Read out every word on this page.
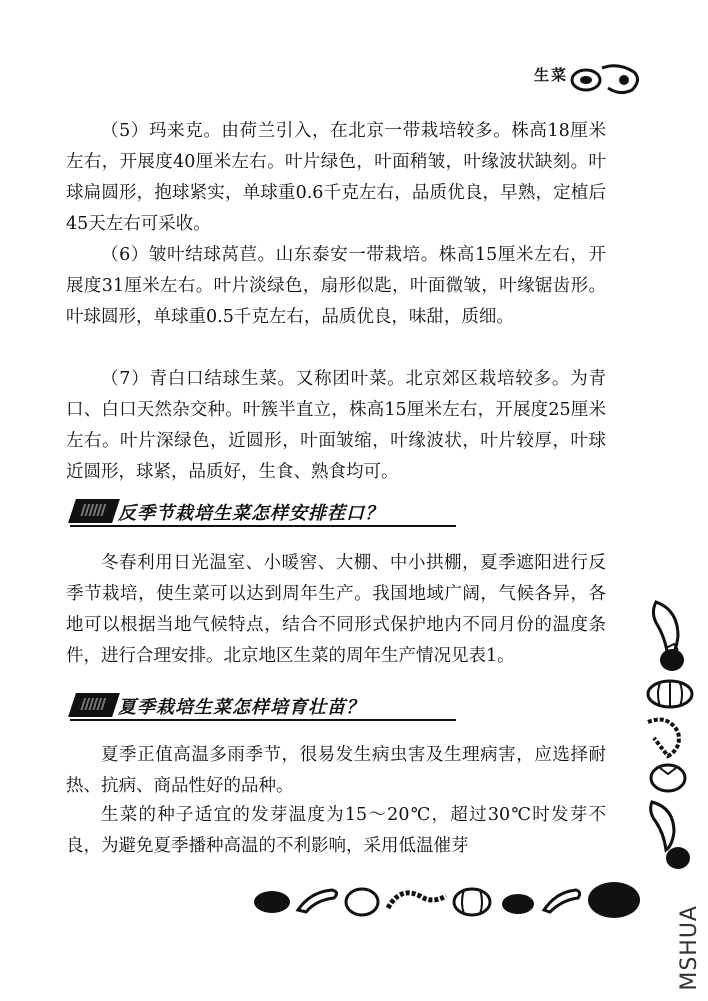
生菜

（5）玛来克。由荷兰引入，在北京一带栽培较多。株高18厘米左右，开展度40厘米左右。叶片绿色，叶面稍皱，叶缘波状缺刻。叶球扁圆形，抱球紧实，单球重0.6千克左右，品质优良，早熟，定植后45天左右可采收。

（6）皱叶结球莴苣。山东泰安一带栽培。株高15厘米左右，开展度31厘米左右。叶片淡绿色，扇形似匙，叶面微皱，叶缘锯齿形。叶球圆形，单球重0.5千克左右，品质优良，味甜，质细。

（7）青白口结球生菜。又称团叶菜。北京郊区栽培较多。为青口、白口天然杂交种。叶簇半直立，株高15厘米左右，开展度25厘米左右。叶片深绿色，近圆形，叶面皱缩，叶缘波状，叶片较厚，叶球近圆形，球紧，品质好，生食、熟食均可。

反季节栽培生菜怎样安排茬口？

冬春利用日光温室、小暖窖、大棚、中小拱棚，夏季遮阳进行反季节栽培，使生菜可以达到周年生产。我国地域广阔，气候各异，各地可以根据当地气候特点，结合不同形式保护地内不同月份的温度条件，进行合理安排。北京地区生菜的周年生产情况见表1。

夏季栽培生菜怎样培育壮苗？

夏季正值高温多雨季节，很易发生病虫害及生理病害，应选择耐热、抗病、商品性好的品种。

生菜的种子适宜的发芽温度为15～20℃，超过30℃时发芽不良，为避免夏季播种高温的不利影响，采用低温催芽

MSHUA
